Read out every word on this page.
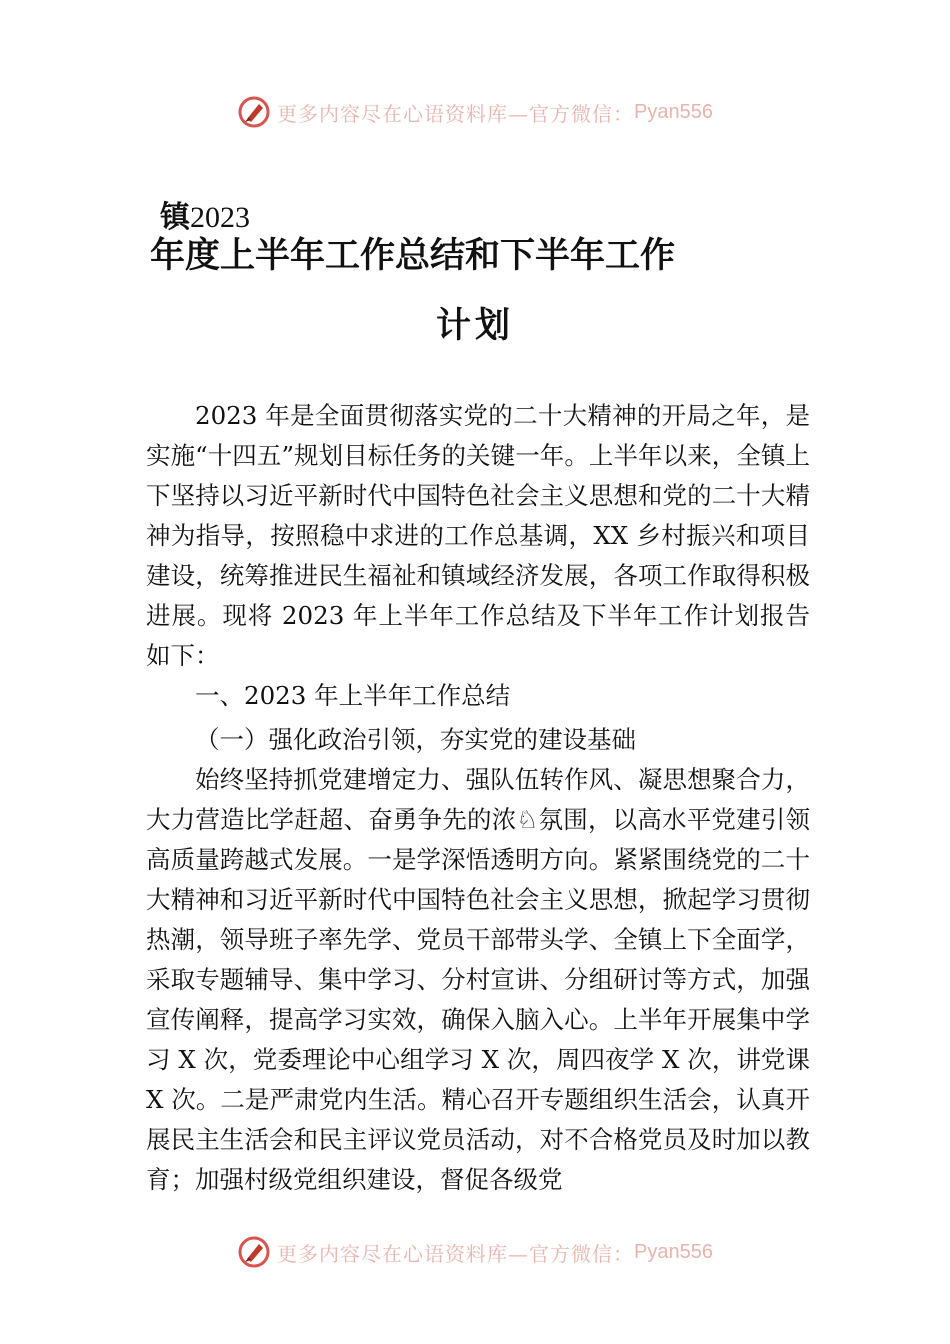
更多内容尽在心语资料库—官方微信： Pyan556
镇2023
年度上半年工作总结和下半年工作
计划

2023 年是全面贯彻落实党的二十大精神的开局之年，是实施“十四五”规划目标任务的关键一年。上半年以来，全镇上下坚持以习近平新时代中国特色社会主义思想和党的二十大精神为指导，按照稳中求进的工作总基调，XX 乡村振兴和项目建设，统筹推进民生福祉和镇域经济发展，各项工作取得积极进展。现将 2023 年上半年工作总结及下半年工作计划报告如下：

一、2023 年上半年工作总结

（一）强化政治引领，夯实党的建设基础

始终坚持抓党建增定力、强队伍转作风、凝思想聚合力，大力营造比学赶超、奋勇争先的浓♘氛围，以高水平党建引领高质量跨越式发展。一是学深悟透明方向。紧紧围绕党的二十大精神和习近平新时代中国特色社会主义思想，掀起学习贯彻热潮，领导班子率先学、党员干部带头学、全镇上下全面学，采取专题辅导、集中学习、分村宣讲、分组研讨等方式，加强宣传阐释，提高学习实效，确保入脑入心。上半年开展集中学习 X 次，党委理论中心组学习 X 次，周四夜学 X 次，讲党课 X 次。二是严肃党内生活。精心召开专题组织生活会，认真开展民主生活会和民主评议党员活动，对不合格党员及时加以教育；加强村级党组织建设，督促各级党

更多内容尽在心语资料库—官方微信： Pyan556
